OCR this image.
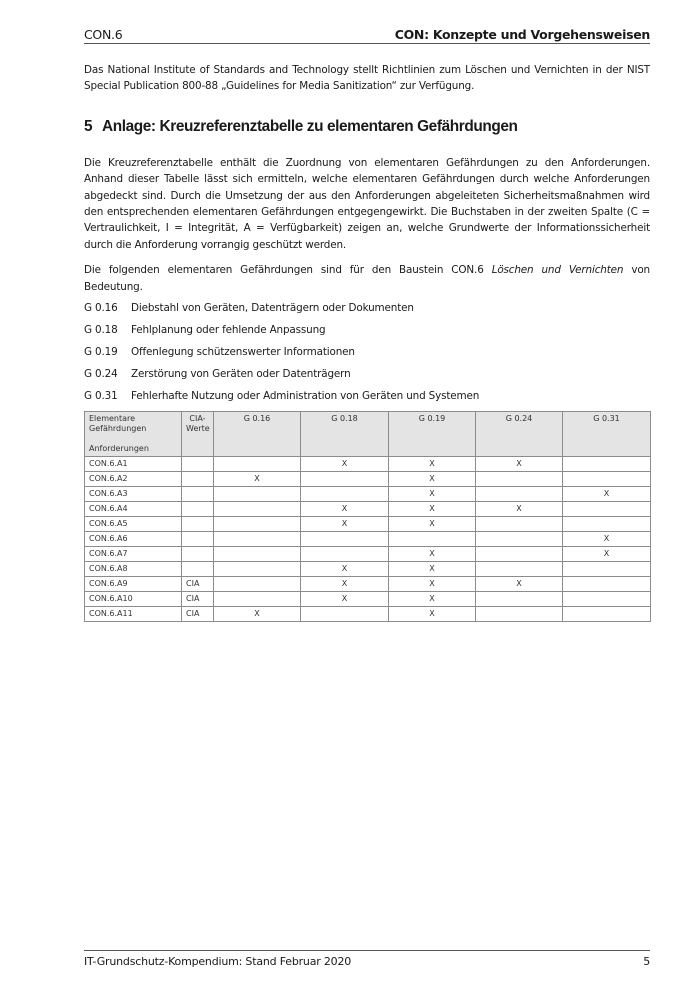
CON.6	CON: Konzepte und Vorgehensweisen

Das National Institute of Standards and Technology stellt Richtlinien zum Löschen und Vernichten in der NIST Special Publication 800-88 „Guidelines for Media Sanitization“ zur Verfügung.

5 Anlage: Kreuzreferenztabelle zu elementaren Gefährdungen

Die Kreuzreferenztabelle enthält die Zuordnung von elementaren Gefährdungen zu den Anforderungen. Anhand dieser Tabelle lässt sich ermitteln, welche elementaren Gefährdungen durch welche Anforderungen abgedeckt sind. Durch die Umsetzung der aus den Anforderungen abgeleiteten Sicherheitsmaßnahmen wird den entsprechenden elementaren Gefährdungen entgegengewirkt. Die Buchstaben in der zweiten Spalte (C = Vertraulichkeit, I = Integrität, A = Verfügbarkeit) zeigen an, welche Grundwerte der Informationssicherheit durch die Anforderung vorrangig geschützt werden.

Die folgenden elementaren Gefährdungen sind für den Baustein CON.6 Löschen und Vernichten von Bedeutung.

G 0.16	Diebstahl von Geräten, Datenträgern oder Dokumenten
G 0.18	Fehlplanung oder fehlende Anpassung
G 0.19	Offenlegung schützenswerter Informationen
G 0.24	Zerstörung von Geräten oder Datenträgern
G 0.31	Fehlerhafte Nutzung oder Administration von Geräten und Systemen
Elementare Gefährdungen
Anforderungen	CIA-Werte	G 0.16	G 0.18	G 0.19	G 0.24	G 0.31
CON.6.A1			X	X	X	
CON.6.A2		X		X		
CON.6.A3				X		X
CON.6.A4			X	X	X	
CON.6.A5			X	X		
CON.6.A6						X
CON.6.A7				X		X
CON.6.A8			X	X		
CON.6.A9	CIA		X	X	X	
CON.6.A10	CIA		X	X		
CON.6.A11	CIA	X		X		
IT-Grundschutz-Kompendium: Stand Februar 2020	5
